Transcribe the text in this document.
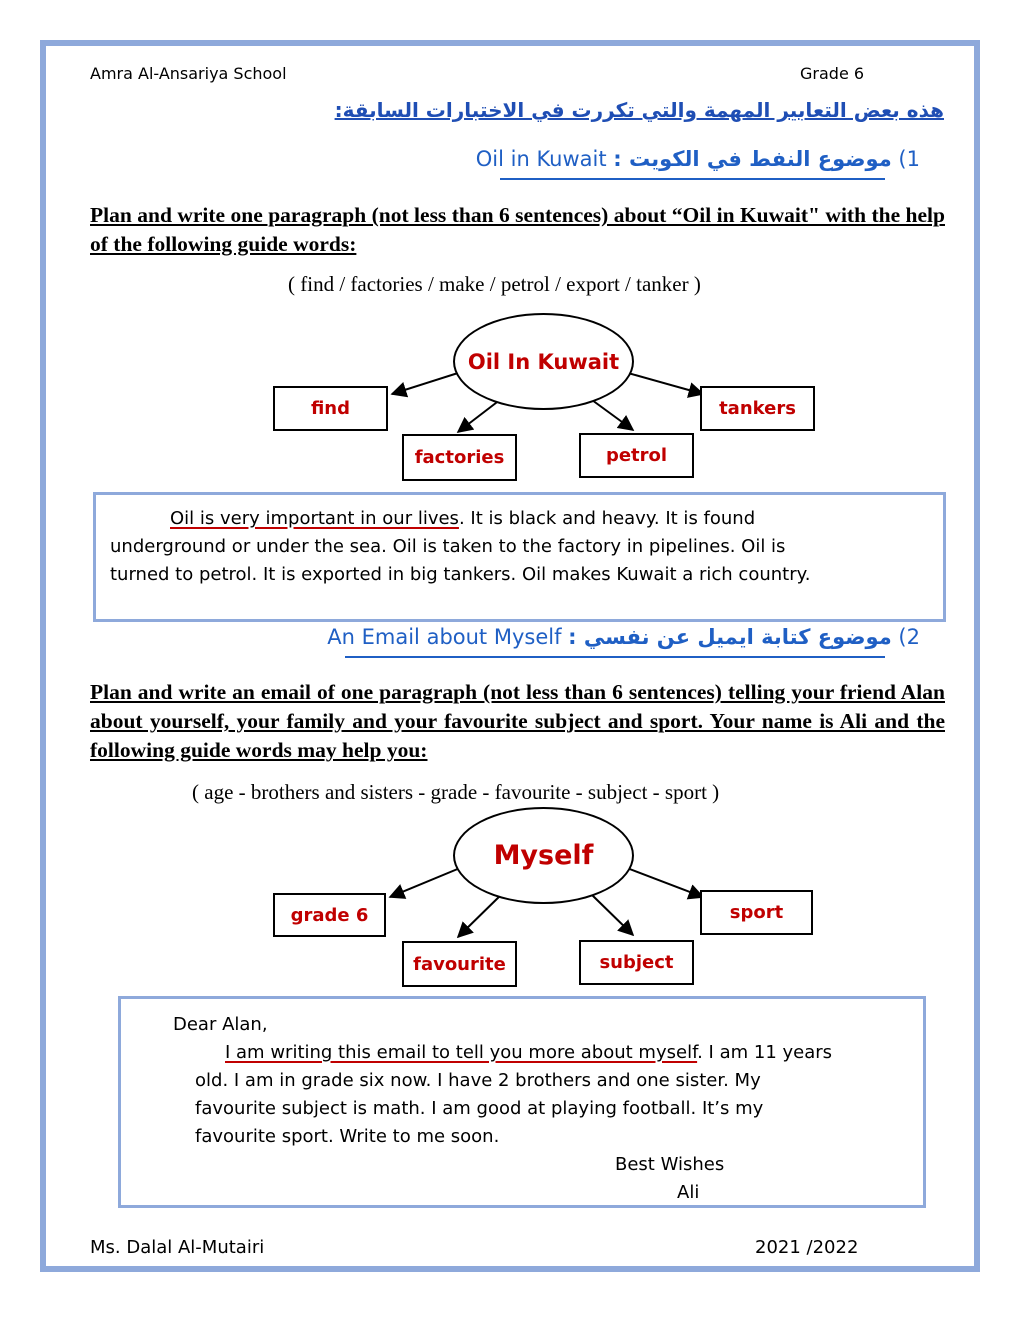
Amra Al-Ansariya School	Grade 6
هذه بعض التعابير المهمة والتي تكررت في الاختبارات السابقة:
1) موضوع النفط في الكويت : Oil in Kuwait
Plan and write one paragraph (not less than 6 sentences) about “Oil in Kuwait" with the help of the following guide words:
( find / factories / make / petrol / export / tanker )
Oil In Kuwait
find	tankers
factories	petrol
Oil is very important in our lives. It is black and heavy. It is found
underground or under the sea. Oil is taken to the factory in pipelines. Oil is
turned to petrol. It is exported in big tankers. Oil makes Kuwait a rich country.
2) موضوع كتابة ايميل عن نفسي : An Email about Myself
Plan and write an email of one paragraph (not less than 6 sentences) telling your friend Alan about yourself, your family and your favourite subject and sport. Your name is Ali and the following guide words may help you:
( age - brothers and sisters - grade - favourite - subject - sport )
Myself
grade 6	sport
favourite	subject
Dear Alan,
I am writing this email to tell you more about myself. I am 11 years
old. I am in grade six now. I have 2 brothers and one sister. My
favourite subject is math. I am good at playing football. It’s my
favourite sport. Write to me soon.
Best Wishes
Ali
Ms. Dalal Al-Mutairi	2021 /2022
